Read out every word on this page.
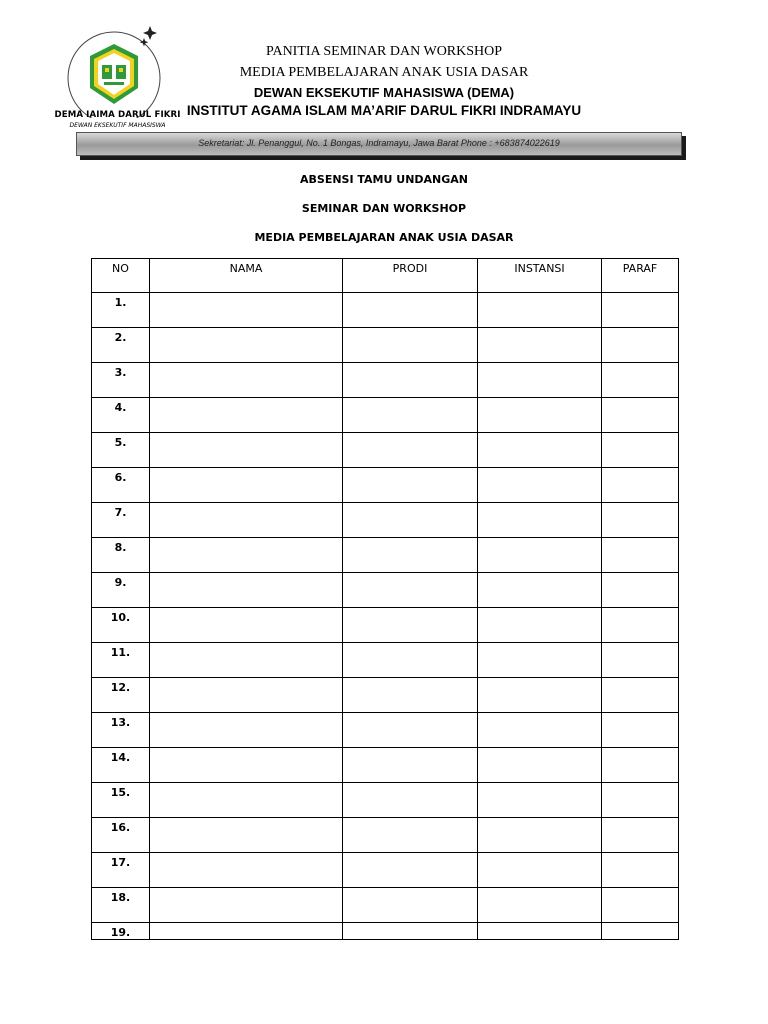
DEMA IAIMA DARUL FIKRI
DEWAN EKSEKUTIF MAHASISWA
PANITIA SEMINAR DAN WORKSHOP
MEDIA PEMBELAJARAN ANAK USIA DASAR
DEWAN EKSEKUTIF MAHASISWA (DEMA)
INSTITUT AGAMA ISLAM MA’ARIF DARUL FIKRI INDRAMAYU
Sekretariat: Jl. Penanggul, No. 1 Bongas, Indramayu, Jawa Barat Phone : +683874022619
ABSENSI TAMU UNDANGAN
SEMINAR DAN WORKSHOP
MEDIA PEMBELAJARAN ANAK USIA DASAR
NO	NAMA	PRODI	INSTANSI	PARAF
1.				
2.				
3.				
4.				
5.				
6.				
7.				
8.				
9.				
10.				
11.				
12.				
13.				
14.				
15.				
16.				
17.				
18.				
19.				
